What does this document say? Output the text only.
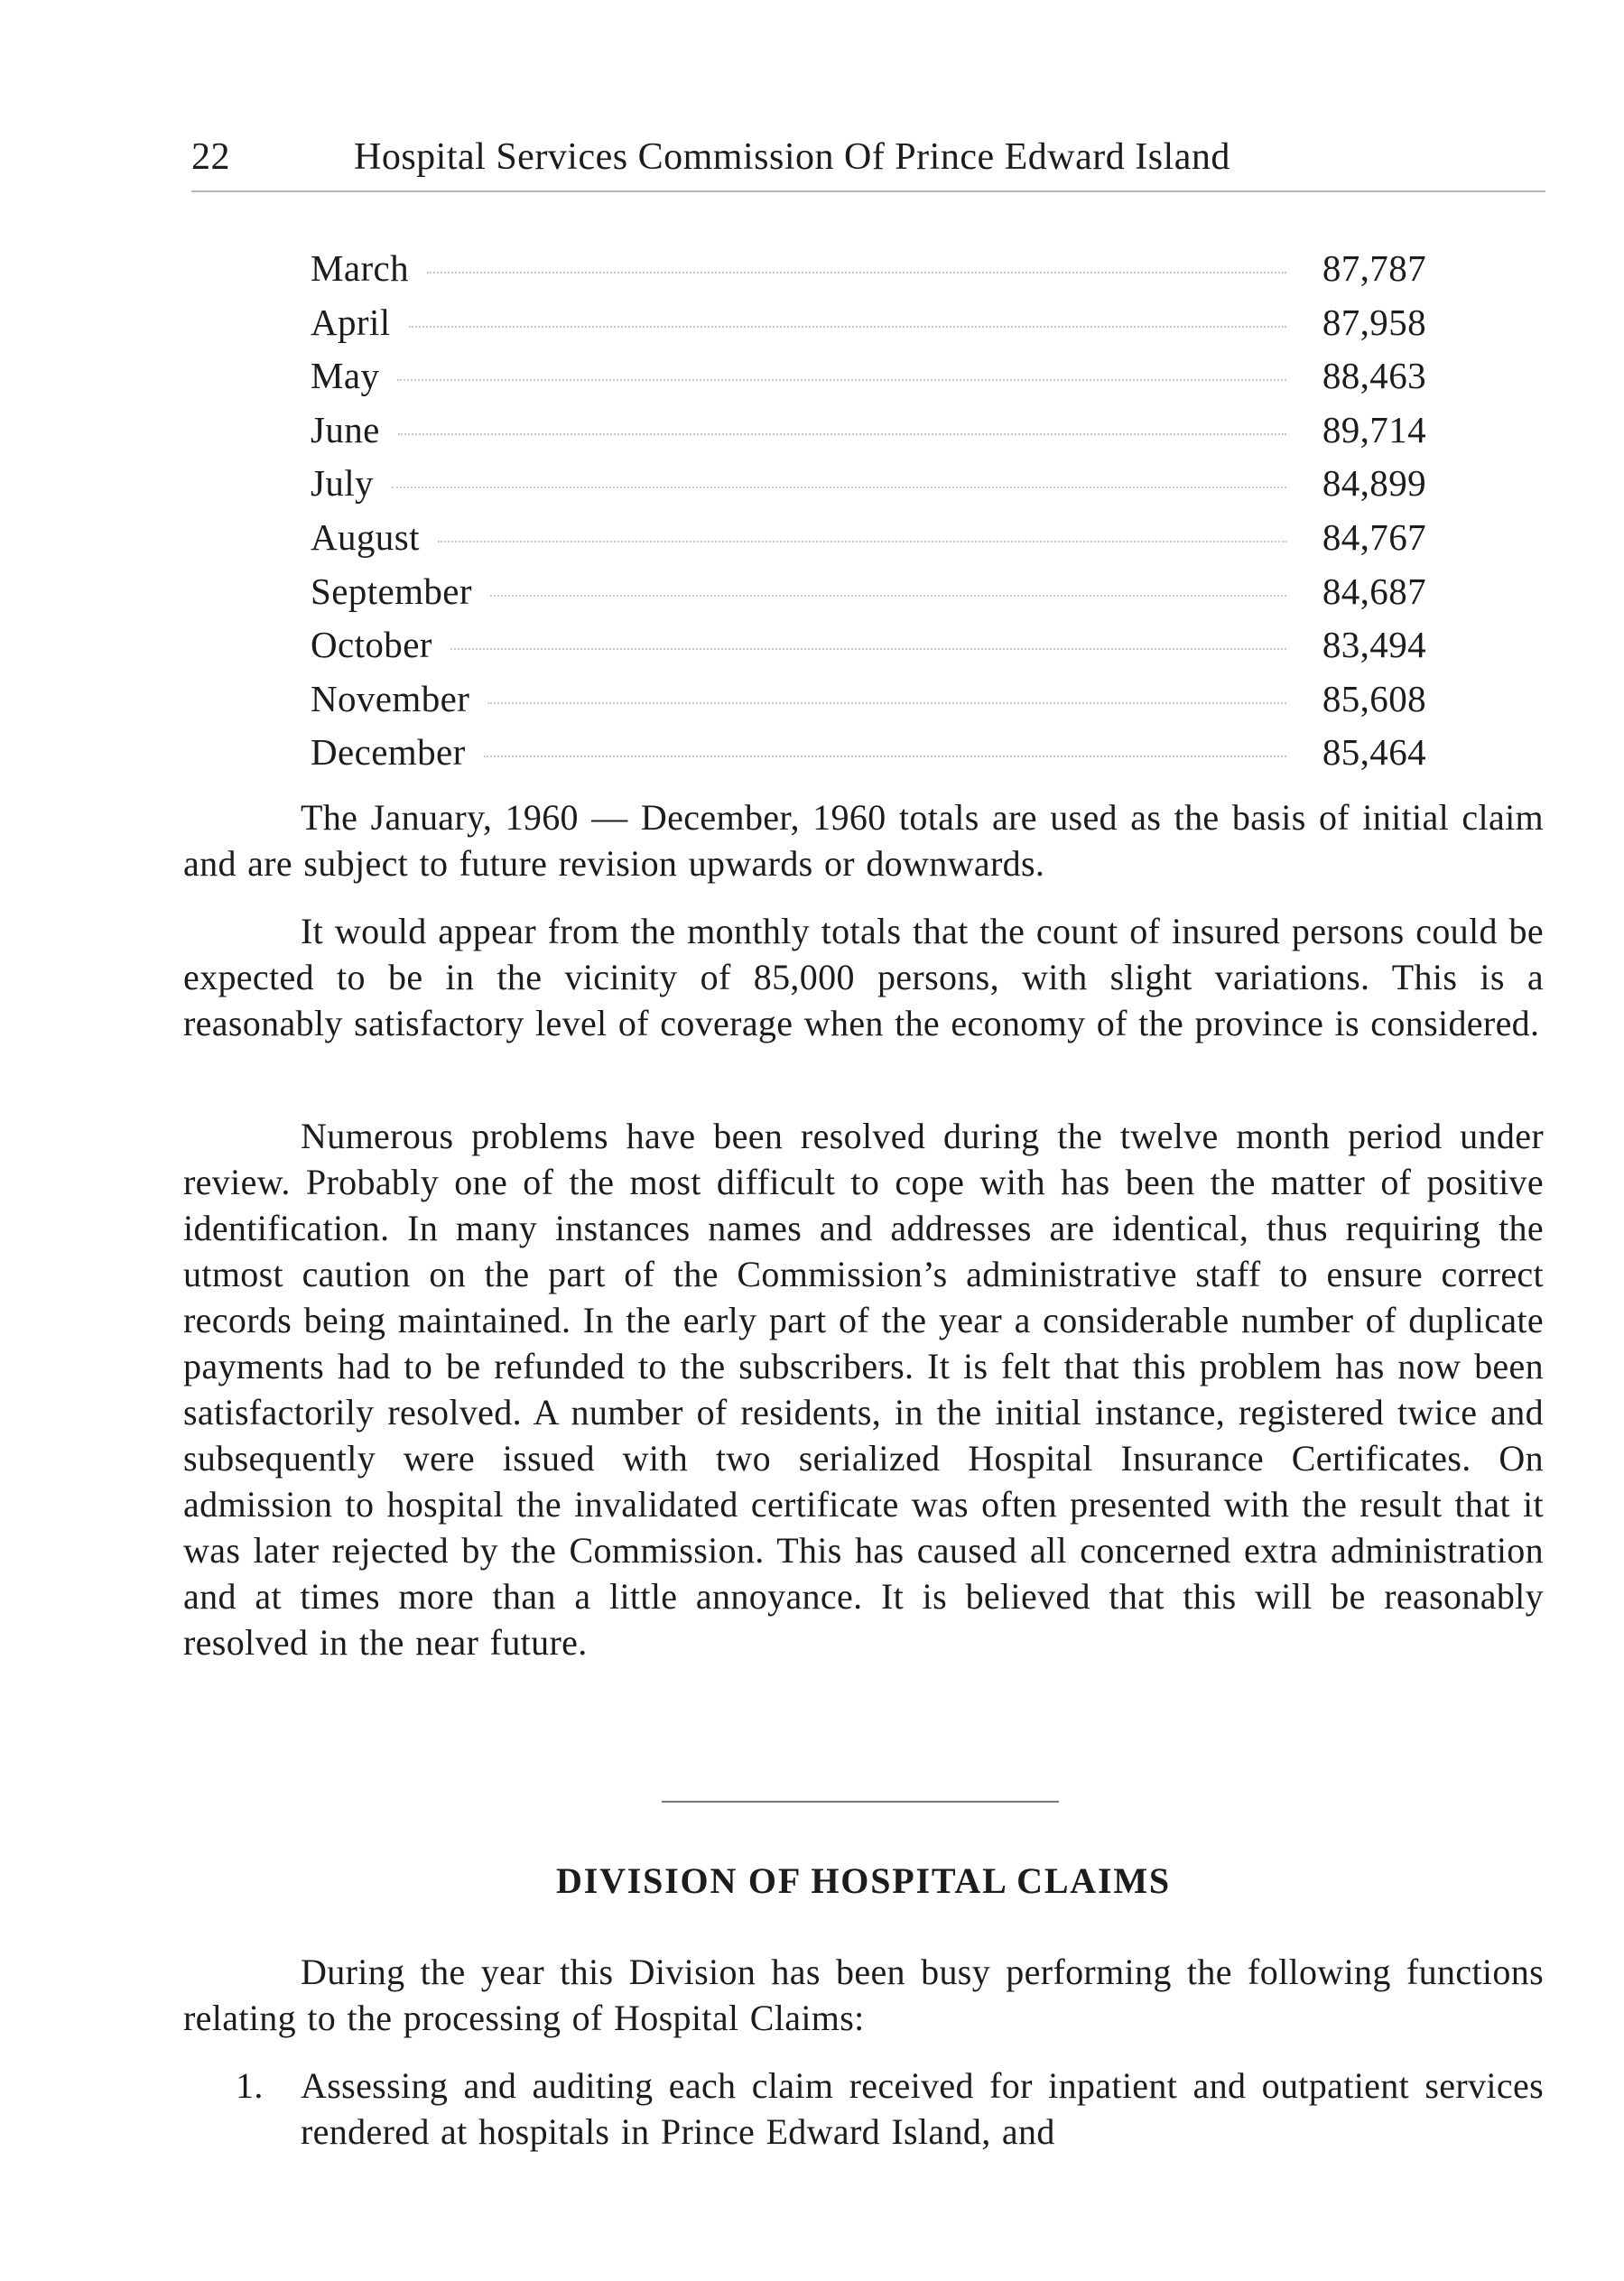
22	Hospital Services Commission Of Prince Edward Island
March	87,787
April	87,958
May	88,463
June	89,714
July	84,899
August	84,767
September	84,687
October	83,494
November	85,608
December	85,464

The January, 1960 — December, 1960 totals are used as the basis of initial claim and are subject to future revision upwards or downwards.

It would appear from the monthly totals that the count of insured persons could be expected to be in the vicinity of 85,000 persons, with slight variations. This is a reasonably satisfactory level of coverage when the economy of the province is considered.

Numerous problems have been resolved during the twelve month period under review. Probably one of the most difficult to cope with has been the matter of positive identification. In many instances names and addresses are identical, thus requiring the utmost caution on the part of the Commission’s administrative staff to ensure correct records being maintained. In the early part of the year a considerable number of duplicate payments had to be refunded to the subscribers. It is felt that this problem has now been satisfactorily resolved. A number of residents, in the initial instance, registered twice and subsequently were issued with two serialized Hospital Insurance Certificates. On admission to hospital the invalidated certificate was often presented with the result that it was later rejected by the Commission. This has caused all concerned extra administration and at times more than a little annoyance. It is believed that this will be reasonably resolved in the near future.

DIVISION OF HOSPITAL CLAIMS

During the year this Division has been busy performing the following functions relating to the processing of Hospital Claims:

1. Assessing and auditing each claim received for inpatient and outpatient services rendered at hospitals in Prince Edward Island, and
